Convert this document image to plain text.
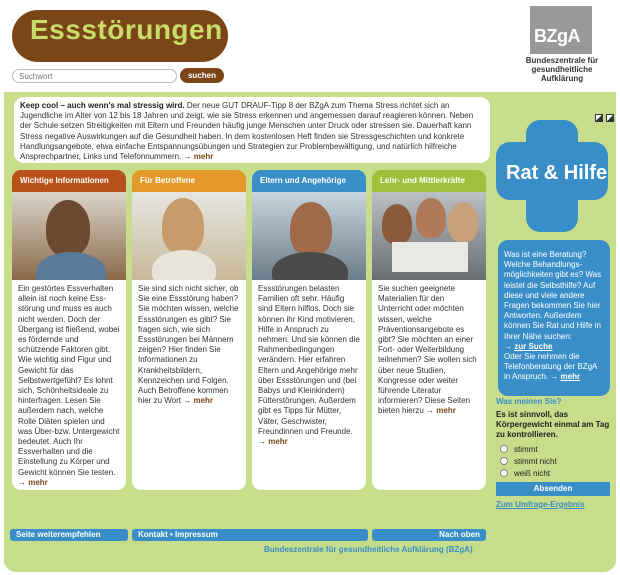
Essstörungen
Suchwort
suchen
BZgA
Bundeszentrale für gesundheitliche Aufklärung
Keep cool – auch wenn's mal stressig wird. Der neue GUT DRAUF-Tipp 8 der BZgA zum Thema Stress richtet sich an Jugendliche im Alter von 12 bis 18 Jahren und zeigt, wie sie Stress erkennen und angemessen darauf reagieren können. Neben der Schule setzen Streitigkeiten mit Eltern und Freunden häufig junge Menschen unter Druck oder stressen sie. Dauerhaft kann Stress negative Auswirkungen auf die Gesundheit haben. In dem kostenlosen Heft finden sie Stressgeschichten und konkrete Handlungsangebote, etwa einfache Entspannungsübungen und Strategien zur Problembewältigung, und natürlich hilfreiche Ansprechpartner, Links und Telefonnummern. → mehr
Wichtige Informationen
Ein gestörtes Essverhalten allein ist noch keine Ess-störung und muss es auch nicht werden. Doch der Übergang ist fließend, wobei es fördernde und schützende Faktoren gibt. Wie wichtig sind Figur und Gewicht für das Selbstwertgefühl? Es lohnt sich, Schönheitsideale zu hinterfragen. Lesen Sie außerdem nach, welche Rolle Diäten spielen und was Über-bzw. Untergewicht bedeutet. Auch Ihr Essverhalten und die Einstellung zu Körper und Gewicht können Sie testen. → mehr
Für Betroffene
Sie sind sich nicht sicher, ob Sie eine Essstörung haben? Sie möchten wissen, welche Essstörungen es gibt? Sie fragen sich, wie sich Essstörungen bei Männern zeigen? Hier finden Sie Informationen zu Krankheitsbildern, Kennzeichen und Folgen. Auch Betroffene kommen hier zu Wort → mehr
Eltern und Angehörige
Essstörungen belasten Familien oft sehr. Häufig sind Eltern hilflos. Doch sie können ihr Kind motivieren, Hilfe in Anspruch zu nehmen. Und sie können die Rahmenbedingungen verändern. Hier erfahren Eltern und Angehörige mehr über Essstörungen und (bei Babys und Kleinkindern) Fütterstörungen. Außerdem gibt es Tipps für Mütter, Väter, Geschwister, Freundinnen und Freunde. → mehr
Lehr- und Mittlerkräfte
Sie suchen geeignete Materialien für den Unterricht oder möchten wissen, welche Präventionsangebote es gibt? Sie möchten an einer Fort- oder Weiterbildung teilnehmen? Sie wollen sich über neue Studien, Kongresse oder weiter führende Literatur informieren? Diese Seiten bieten hierzu → mehr
Rat & Hilfe
Was ist eine Beratung? Welche Behandlungs-möglichkeiten gibt es? Was leistet die Selbsthilfe? Auf diese und viele andere Fragen bekommen Sie hier Antworten. Außerdem können Sie Rat und Hilfe in Ihrer Nähe suchen:
→ zur Suche
Oder Sie nehmen die Telefonberatung der BZgA in Anspruch. → mehr
Was meinen Sie?
Es ist sinnvoll, das Körpergewicht einmal am Tag zu kontrollieren.
stimmt
stimmt nicht
weiß nicht
Absenden
Zum Umfrage-Ergebnis
Seite weiterempfehlen	Kontakt • Impressum	Nach oben
Bundeszentrale für gesundheitliche Aufklärung (BZgA)
